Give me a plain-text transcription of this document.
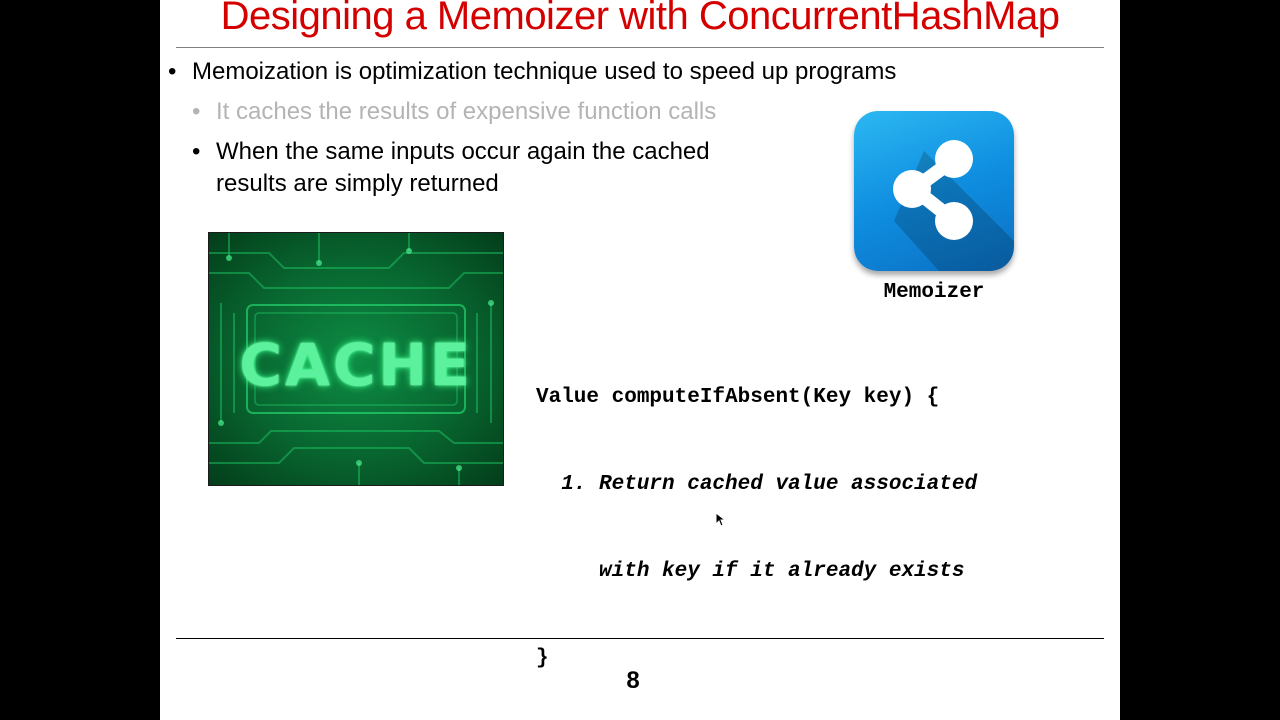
Designing a Memoizer with ConcurrentHashMap
• Memoization is optimization technique used to speed up programs
• It caches the results of expensive function calls
• When the same inputs occur again the cached
results are simply returned
CACHE
Memoizer

Value computeIfAbsent(Key key) {

1. Return cached value associated

with key if it already exists

}

8
